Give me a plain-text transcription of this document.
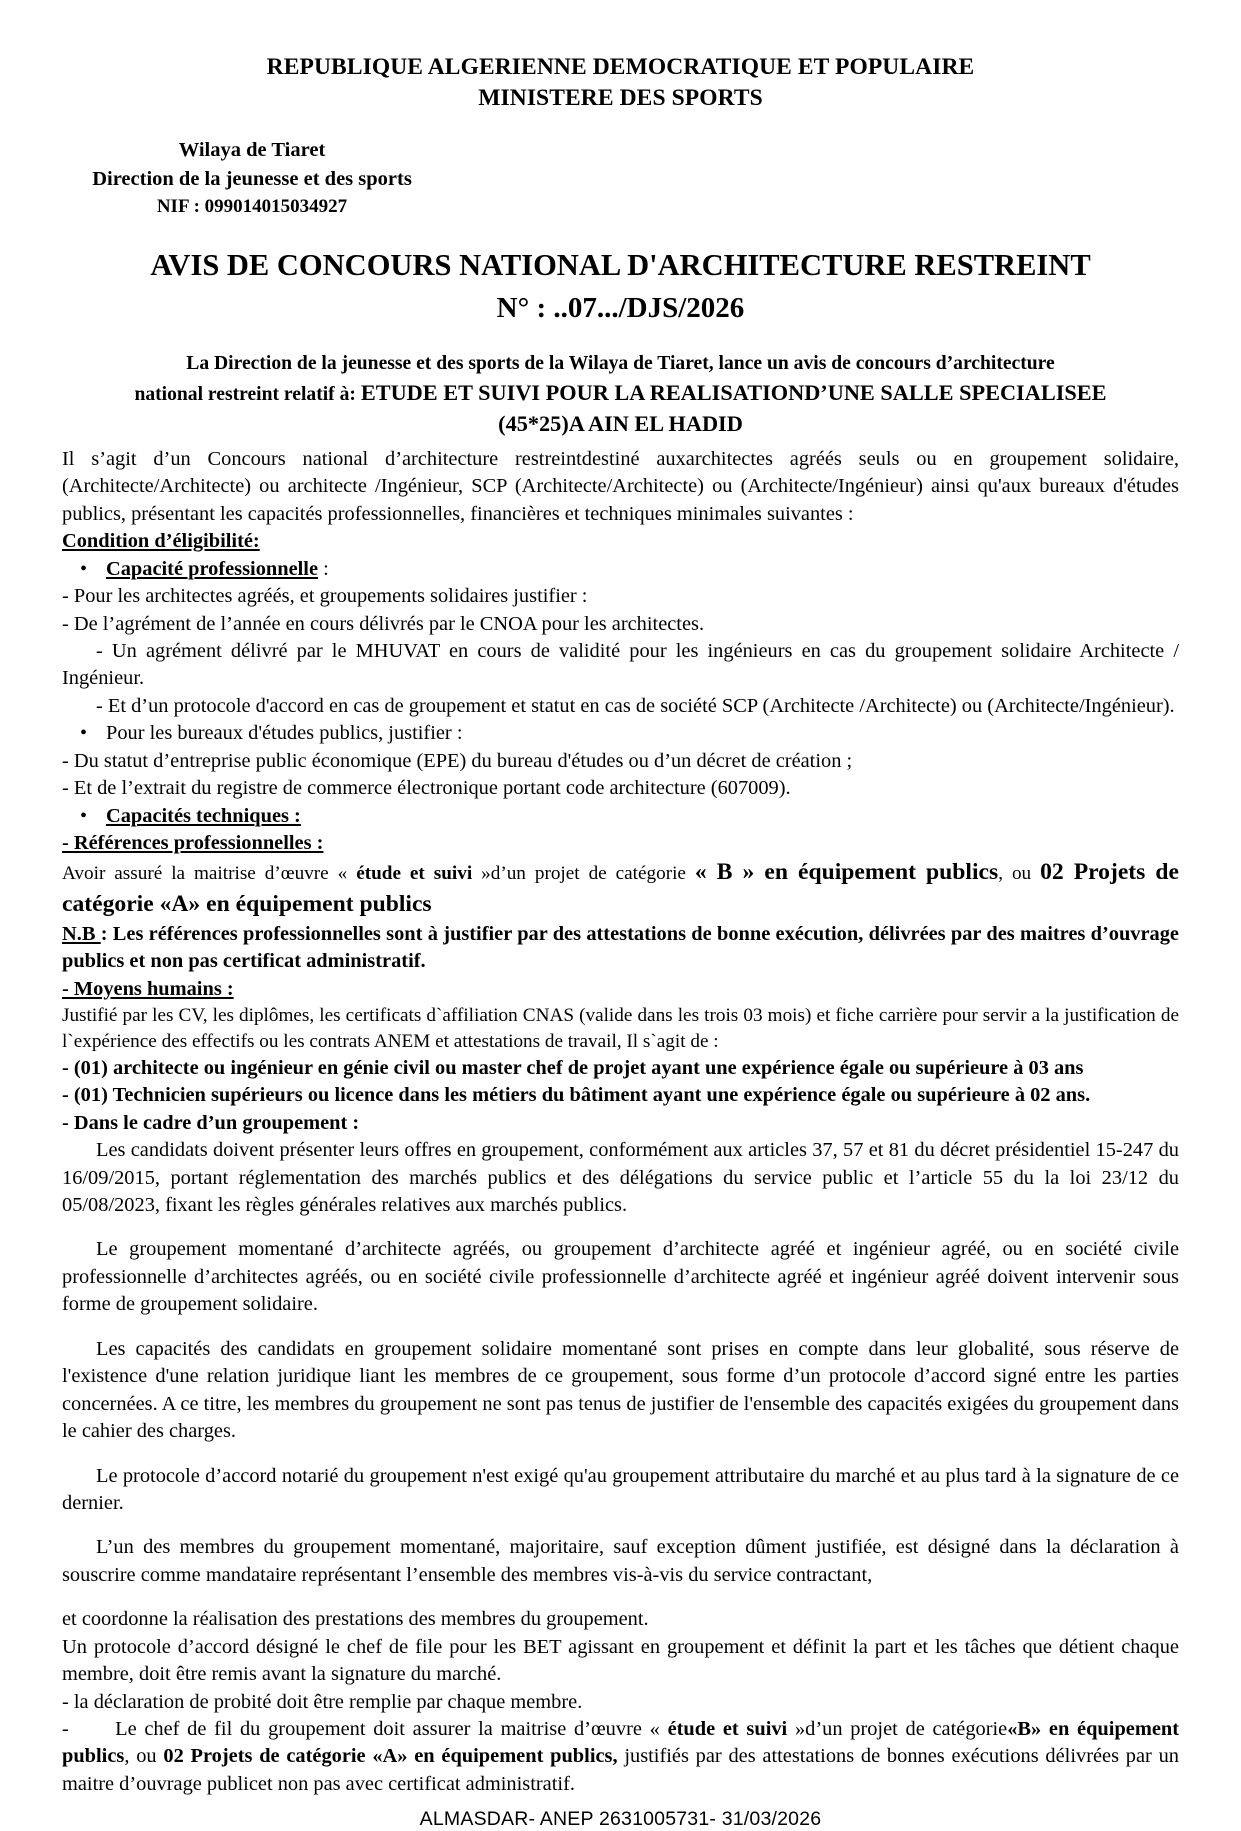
REPUBLIQUE ALGERIENNE DEMOCRATIQUE ET POPULAIRE
MINISTERE DES SPORTS
Wilaya de Tiaret
Direction de la jeunesse et des sports
NIF : 099014015034927
AVIS DE CONCOURS NATIONAL D'ARCHITECTURE RESTREINT
N° : ..07.../DJS/2026
La Direction de la jeunesse et des sports de la Wilaya de Tiaret, lance un avis de concours d’architecture
national restreint relatif à: ETUDE ET SUIVI POUR LA REALISATIOND’UNE SALLE SPECIALISEE
(45*25)A AIN EL HADID

Il s’agit d’un Concours national d’architecture restreintdestiné auxarchitectes agréés seuls ou en groupement solidaire, (Architecte/Architecte) ou architecte /Ingénieur, SCP (Architecte/Architecte) ou (Architecte/Ingénieur) ainsi qu'aux bureaux d'études publics, présentant les capacités professionnelles, financières et techniques minimales suivantes :

Condition d’éligibilité:

• Capacité professionnelle :

- Pour les architectes agréés, et groupements solidaires justifier :

- De l’agrément de l’année en cours délivrés par le CNOA pour les architectes.

- Un agrément délivré par le MHUVAT en cours de validité pour les ingénieurs en cas du groupement solidaire Architecte / Ingénieur.

- Et d’un protocole d'accord en cas de groupement et statut en cas de société SCP (Architecte /Architecte) ou (Architecte/Ingénieur).

• Pour les bureaux d'études publics, justifier :

- Du statut d’entreprise public économique (EPE) du bureau d'études ou d’un décret de création ;

- Et de l’extrait du registre de commerce électronique portant code architecture (607009).

• Capacités techniques :

- Références professionnelles :

Avoir assuré la maitrise d’œuvre « étude et suivi »d’un projet de catégorie « B » en équipement publics, ou 02 Projets de catégorie «A» en équipement publics

N.B : Les références professionnelles sont à justifier par des attestations de bonne exécution, délivrées par des maitres d’ouvrage publics et non pas certificat administratif.

- Moyens humains :

Justifié par les CV, les diplômes, les certificats d`affiliation CNAS (valide dans les trois 03 mois) et fiche carrière pour servir a la justification de l`expérience des effectifs ou les contrats ANEM et attestations de travail, Il s`agit de :

- (01) architecte ou ingénieur en génie civil ou master chef de projet ayant une expérience égale ou supérieure à 03 ans

- (01) Technicien supérieurs ou licence dans les métiers du bâtiment ayant une expérience égale ou supérieure à 02 ans.

- Dans le cadre d’un groupement :

Les candidats doivent présenter leurs offres en groupement, conformément aux articles 37, 57 et 81 du décret présidentiel 15-247 du 16/09/2015, portant réglementation des marchés publics et des délégations du service public et l’article 55 du la loi 23/12 du 05/08/2023, fixant les règles générales relatives aux marchés publics.

Le groupement momentané d’architecte agréés, ou groupement d’architecte agréé et ingénieur agréé, ou en société civile professionnelle d’architectes agréés, ou en société civile professionnelle d’architecte agréé et ingénieur agréé doivent intervenir sous forme de groupement solidaire.

Les capacités des candidats en groupement solidaire momentané sont prises en compte dans leur globalité, sous réserve de l'existence d'une relation juridique liant les membres de ce groupement, sous forme d’un protocole d’accord signé entre les parties concernées. A ce titre, les membres du groupement ne sont pas tenus de justifier de l'ensemble des capacités exigées du groupement dans le cahier des charges.

Le protocole d’accord notarié du groupement n'est exigé qu'au groupement attributaire du marché et au plus tard à la signature de ce dernier.

L’un des membres du groupement momentané, majoritaire, sauf exception dûment justifiée, est désigné dans la déclaration à souscrire comme mandataire représentant l’ensemble des membres vis-à-vis du service contractant,

et coordonne la réalisation des prestations des membres du groupement.

Un protocole d’accord désigné le chef de file pour les BET agissant en groupement et définit la part et les tâches que détient chaque membre, doit être remis avant la signature du marché.

- la déclaration de probité doit être remplie par chaque membre.

- Le chef de fil du groupement doit assurer la maitrise d’œuvre « étude et suivi »d’un projet de catégorie«B» en équipement publics, ou 02 Projets de catégorie «A» en équipement publics, justifiés par des attestations de bonnes exécutions délivrées par un maitre d’ouvrage publicet non pas avec certificat administratif.

ALMASDAR- ANEP 2631005731- 31/03/2026
